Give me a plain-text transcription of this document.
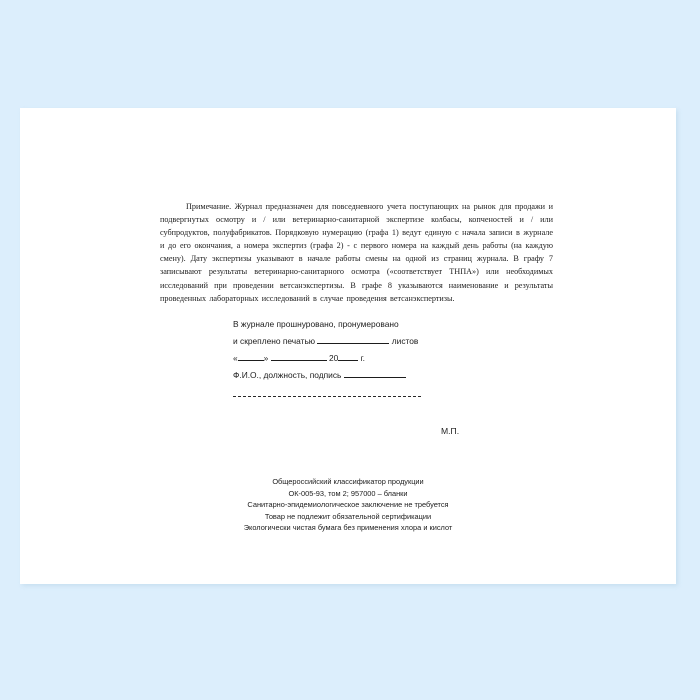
Примечание. Журнал предназначен для повседневного учета поступающих на рынок для продажи и подвергнутых осмотру и / или ветеринарно-санитарной экспертизе колбасы, копченостей и / или субпродуктов, полуфабрикатов. Порядковую нумерацию (графа 1) ведут единую с начала записи в журнале и до его окончания, а номера экспертиз (графа 2) - с первого номера на каждый день работы (на каждую смену). Дату экспертизы указывают в начале работы смены на одной из страниц журнала. В графу 7 записывают результаты ветеринарно-санитарного осмотра («соответствует ТНПА») или необходимых исследований при проведении ветсанэкспертизы. В графе 8 указываются наименование и результаты проведенных лабораторных исследований в случае проведения ветсанэкспертизы.

В журнале прошнуровано, пронумеровано
и скреплено печатью	листов
«	»	20	г.
Ф.И.О., должность, подпись
М.П.
Общероссийский классификатор продукции
ОК-005-93, том 2; 957000 – бланки
Санитарно-эпидемиологическое заключение не требуется
Товар не подлежит обязательной сертификации
Экологически чистая бумага без применения хлора и кислот
